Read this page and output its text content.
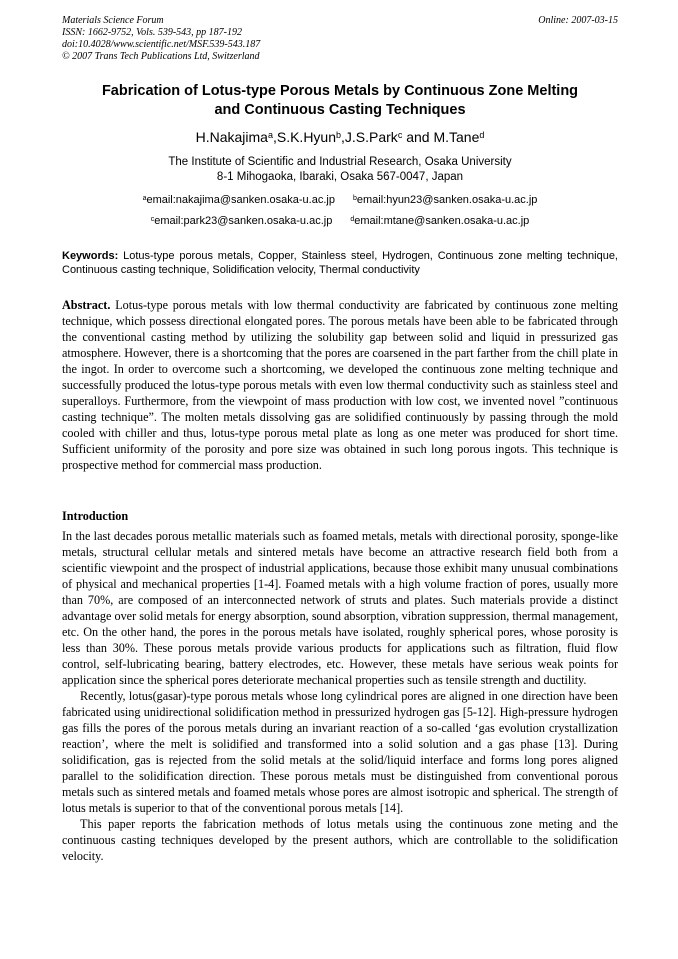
Materials Science Forum
ISSN: 1662-9752, Vols. 539-543, pp 187-192
doi:10.4028/www.scientific.net/MSF.539-543.187
© 2007 Trans Tech Publications Ltd, Switzerland
Online: 2007-03-15
Fabrication of Lotus-type Porous Metals by Continuous Zone Melting
and Continuous Casting Techniques
H.Nakajima$^a$,S.K.Hyun$^b$,J.S.Park$^c$ and M.Tane$^d$
The Institute of Scientific and Industrial Research, Osaka University
8-1 Mihogaoka, Ibaraki, Osaka 567-0047, Japan
$^a$email:nakajima@sanken.osaka-u.ac.jp	$^b$email:hyun23@sanken.osaka-u.ac.jp
$^c$email:park23@sanken.osaka-u.ac.jp	$^d$email:mtane@sanken.osaka-u.ac.jp
Keywords: Lotus-type porous metals, Copper, Stainless steel, Hydrogen, Continuous zone melting technique, Continuous casting technique, Solidification velocity, Thermal conductivity
Abstract. Lotus-type porous metals with low thermal conductivity are fabricated by continuous zone melting technique, which possess directional elongated pores. The porous metals have been able to be fabricated through the conventional casting method by utilizing the solubility gap between solid and liquid in pressurized gas atmosphere. However, there is a shortcoming that the pores are coarsened in the part farther from the chill plate in the ingot. In order to overcome such a shortcoming, we developed the continuous zone melting technique and successfully produced the lotus-type porous metals with even low thermal conductivity such as stainless steel and superalloys. Furthermore, from the viewpoint of mass production with low cost, we invented novel ”continuous casting technique”. The molten metals dissolving gas are solidified continuously by passing through the mold cooled with chiller and thus, lotus-type porous metal plate as long as one meter was produced for short time. Sufficient uniformity of the porosity and pore size was obtained in such long porous ingots. This technique is prospective method for commercial mass production.
Introduction

In the last decades porous metallic materials such as foamed metals, metals with directional porosity, sponge-like metals, structural cellular metals and sintered metals have become an attractive research field both from a scientific viewpoint and the prospect of industrial applications, because those exhibit many unusual combinations of physical and mechanical properties [1-4]. Foamed metals with a high volume fraction of pores, usually more than 70%, are composed of an interconnected network of struts and plates. Such materials provide a distinct advantage over solid metals for energy absorption, sound absorption, vibration suppression, thermal management, etc. On the other hand, the pores in the porous metals have isolated, roughly spherical pores, whose porosity is less than 30%. These porous metals provide various products for applications such as filtration, fluid flow control, self-lubricating bearing, battery electrodes, etc. However, these metals have serious weak points for application since the spherical pores deteriorate mechanical properties such as tensile strength and ductility.

Recently, lotus(gasar)-type porous metals whose long cylindrical pores are aligned in one direction have been fabricated using unidirectional solidification method in pressurized hydrogen gas [5-12]. High-pressure hydrogen gas fills the pores of the porous metals during an invariant reaction of a so-called ‘gas evolution crystallization reaction’, where the melt is solidified and transformed into a solid solution and a gas phase [13]. During solidification, gas is rejected from the solid metals at the solid/liquid interface and forms long pores aligned parallel to the solidification direction. These porous metals must be distinguished from conventional porous metals such as sintered metals and foamed metals whose pores are almost isotropic and spherical. The strength of lotus metals is superior to that of the conventional porous metals [14].

This paper reports the fabrication methods of lotus metals using the continuous zone meting and the continuous casting techniques developed by the present authors, which are controllable to the solidification velocity.
